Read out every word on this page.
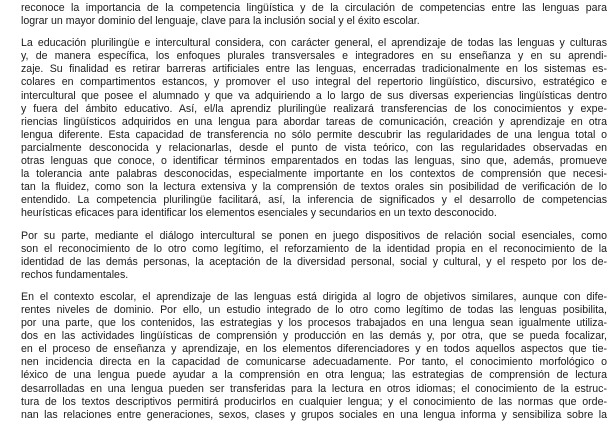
reconoce la importancia de la competencia lingüística y de la circulación de competencias entre las lenguas para
lograr un mayor dominio del lenguaje, clave para la inclusión social y el éxito escolar.
La educación plurilingüe e intercultural considera, con carácter general, el aprendizaje de todas las lenguas y culturas
y, de manera específica, los enfoques plurales transversales e integradores en su enseñanza y en su aprendi-
zaje. Su finalidad es retirar barreras artificiales entre las lenguas, encerradas tradicionalmente en los sistemas es-
colares en compartimentos estancos, y promover el uso integral del repertorio lingüístico, discursivo, estratégico e
intercultural que posee el alumnado y que va adquiriendo a lo largo de sus diversas experiencias lingüísticas dentro
y fuera del ámbito educativo. Así, el/la aprendiz plurilingüe realizará transferencias de los conocimientos y expe-
riencias lingüísticos adquiridos en una lengua para abordar tareas de comunicación, creación y aprendizaje en otra
lengua diferente. Esta capacidad de transferencia no sólo permite descubrir las regularidades de una lengua total o
parcialmente desconocida y relacionarlas, desde el punto de vista teórico, con las regularidades observadas en
otras lenguas que conoce, o identificar términos emparentados en todas las lenguas, sino que, además, promueve
la tolerancia ante palabras desconocidas, especialmente importante en los contextos de comprensión que necesi-
tan la fluidez, como son la lectura extensiva y la comprensión de textos orales sin posibilidad de verificación de lo
entendido. La competencia plurilingüe facilitará, así, la inferencia de significados y el desarrollo de competencias
heurísticas eficaces para identificar los elementos esenciales y secundarios en un texto desconocido.
Por su parte, mediante el diálogo intercultural se ponen en juego dispositivos de relación social esenciales, como
son el reconocimiento de lo otro como legítimo, el reforzamiento de la identidad propia en el reconocimiento de la
identidad de las demás personas, la aceptación de la diversidad personal, social y cultural, y el respeto por los de-
rechos fundamentales.
En el contexto escolar, el aprendizaje de las lenguas está dirigida al logro de objetivos similares, aunque con dife-
rentes niveles de dominio. Por ello, un estudio integrado de lo otro como legítimo de todas las lenguas posibilita,
por una parte, que los contenidos, las estrategias y los procesos trabajados en una lengua sean igualmente utiliza-
dos en las actividades lingüísticas de comprensión y producción en las demás y, por otra, que se pueda focalizar,
en el proceso de enseñanza y aprendizaje, en los elementos diferenciadores y en todos aquellos aspectos que tie-
nen incidencia directa en la capacidad de comunicarse adecuadamente. Por tanto, el conocimiento morfológico o
léxico de una lengua puede ayudar a la comprensión en otra lengua; las estrategias de comprensión de lectura
desarrolladas en una lengua pueden ser transferidas para la lectura en otros idiomas; el conocimiento de la estruc-
tura de los textos descriptivos permitirá producirlos en cualquier lengua; y el conocimiento de las normas que orde-
nan las relaciones entre generaciones, sexos, clases y grupos sociales en una lengua informa y sensibiliza sobre la
